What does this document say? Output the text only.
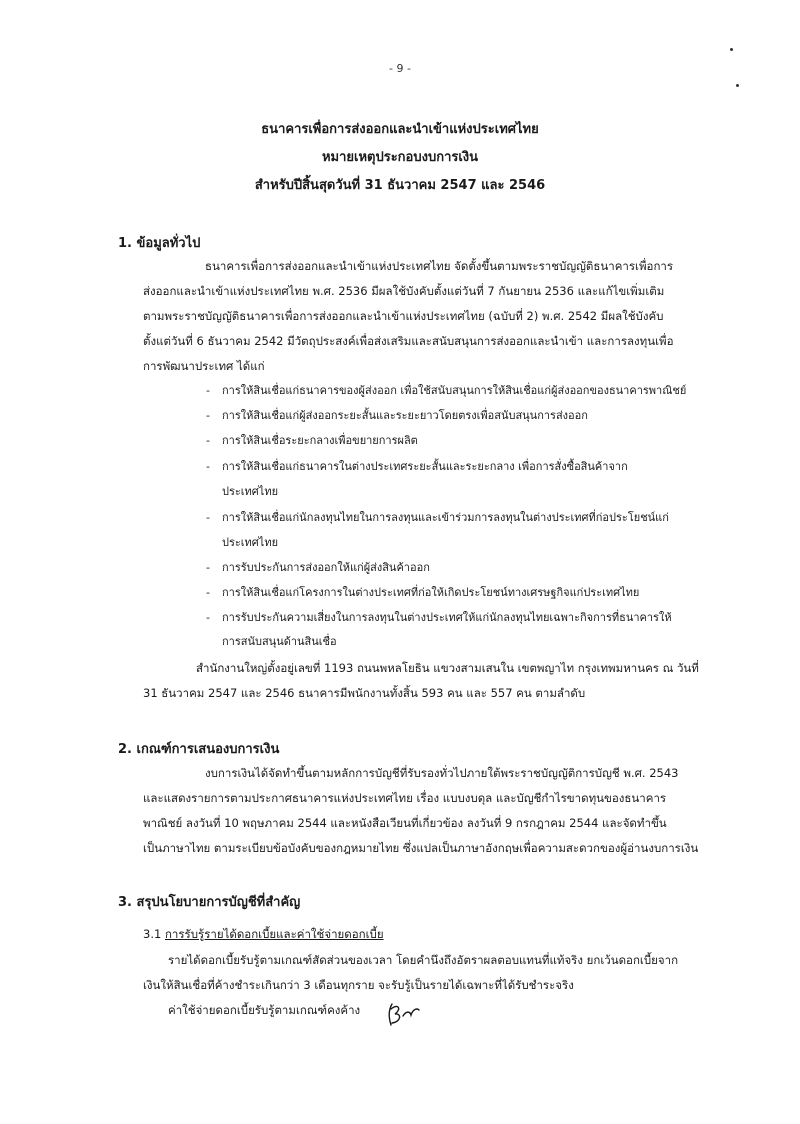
- 9 -
ธนาคารเพื่อการส่งออกและนำเข้าแห่งประเทศไทย
หมายเหตุประกอบงบการเงิน
สำหรับปีสิ้นสุดวันที่ 31 ธันวาคม 2547 และ 2546
1. ข้อมูลทั่วไป
ธนาคารเพื่อการส่งออกและนำเข้าแห่งประเทศไทย จัดตั้งขึ้นตามพระราชบัญญัติธนาคารเพื่อการ
ส่งออกและนำเข้าแห่งประเทศไทย พ.ศ. 2536 มีผลใช้บังคับตั้งแต่วันที่ 7 กันยายน 2536 และแก้ไขเพิ่มเติม
ตามพระราชบัญญัติธนาคารเพื่อการส่งออกและนำเข้าแห่งประเทศไทย (ฉบับที่ 2) พ.ศ. 2542 มีผลใช้บังคับ
ตั้งแต่วันที่ 6 ธันวาคม 2542 มีวัตถุประสงค์เพื่อส่งเสริมและสนับสนุนการส่งออกและนำเข้า และการลงทุนเพื่อ
การพัฒนาประเทศ ได้แก่
- การให้สินเชื่อแก่ธนาคารของผู้ส่งออก เพื่อใช้สนับสนุนการให้สินเชื่อแก่ผู้ส่งออกของธนาคารพาณิชย์
- การให้สินเชื่อแก่ผู้ส่งออกระยะสั้นและระยะยาวโดยตรงเพื่อสนับสนุนการส่งออก
- การให้สินเชื่อระยะกลางเพื่อขยายการผลิต
- การให้สินเชื่อแก่ธนาคารในต่างประเทศระยะสั้นและระยะกลาง เพื่อการสั่งซื้อสินค้าจาก
ประเทศไทย
- การให้สินเชื่อแก่นักลงทุนไทยในการลงทุนและเข้าร่วมการลงทุนในต่างประเทศที่ก่อประโยชน์แก่
ประเทศไทย
- การรับประกันการส่งออกให้แก่ผู้ส่งสินค้าออก
- การให้สินเชื่อแก่โครงการในต่างประเทศที่ก่อให้เกิดประโยชน์ทางเศรษฐกิจแก่ประเทศไทย
- การรับประกันความเสี่ยงในการลงทุนในต่างประเทศให้แก่นักลงทุนไทยเฉพาะกิจการที่ธนาคารให้
การสนับสนุนด้านสินเชื่อ
สำนักงานใหญ่ตั้งอยู่เลขที่ 1193 ถนนพหลโยธิน แขวงสามเสนใน เขตพญาไท กรุงเทพมหานคร ณ วันที่
31 ธันวาคม 2547 และ 2546 ธนาคารมีพนักงานทั้งสิ้น 593 คน และ 557 คน ตามลำดับ
2. เกณฑ์การเสนองบการเงิน
งบการเงินได้จัดทำขึ้นตามหลักการบัญชีที่รับรองทั่วไปภายใต้พระราชบัญญัติการบัญชี พ.ศ. 2543
และแสดงรายการตามประกาศธนาคารแห่งประเทศไทย เรื่อง แบบงบดุล และบัญชีกำไรขาดทุนของธนาคาร
พาณิชย์ ลงวันที่ 10 พฤษภาคม 2544 และหนังสือเวียนที่เกี่ยวข้อง ลงวันที่ 9 กรกฎาคม 2544 และจัดทำขึ้น
เป็นภาษาไทย ตามระเบียบข้อบังคับของกฎหมายไทย ซึ่งแปลเป็นภาษาอังกฤษเพื่อความสะดวกของผู้อ่านงบการเงิน
3. สรุปนโยบายการบัญชีที่สำคัญ
3.1 การรับรู้รายได้ดอกเบี้ยและค่าใช้จ่ายดอกเบี้ย
รายได้ดอกเบี้ยรับรู้ตามเกณฑ์สัดส่วนของเวลา โดยคำนึงถึงอัตราผลตอบแทนที่แท้จริง ยกเว้นดอกเบี้ยจาก
เงินให้สินเชื่อที่ค้างชำระเกินกว่า 3 เดือนทุกราย จะรับรู้เป็นรายได้เฉพาะที่ได้รับชำระจริง
ค่าใช้จ่ายดอกเบี้ยรับรู้ตามเกณฑ์คงค้าง
